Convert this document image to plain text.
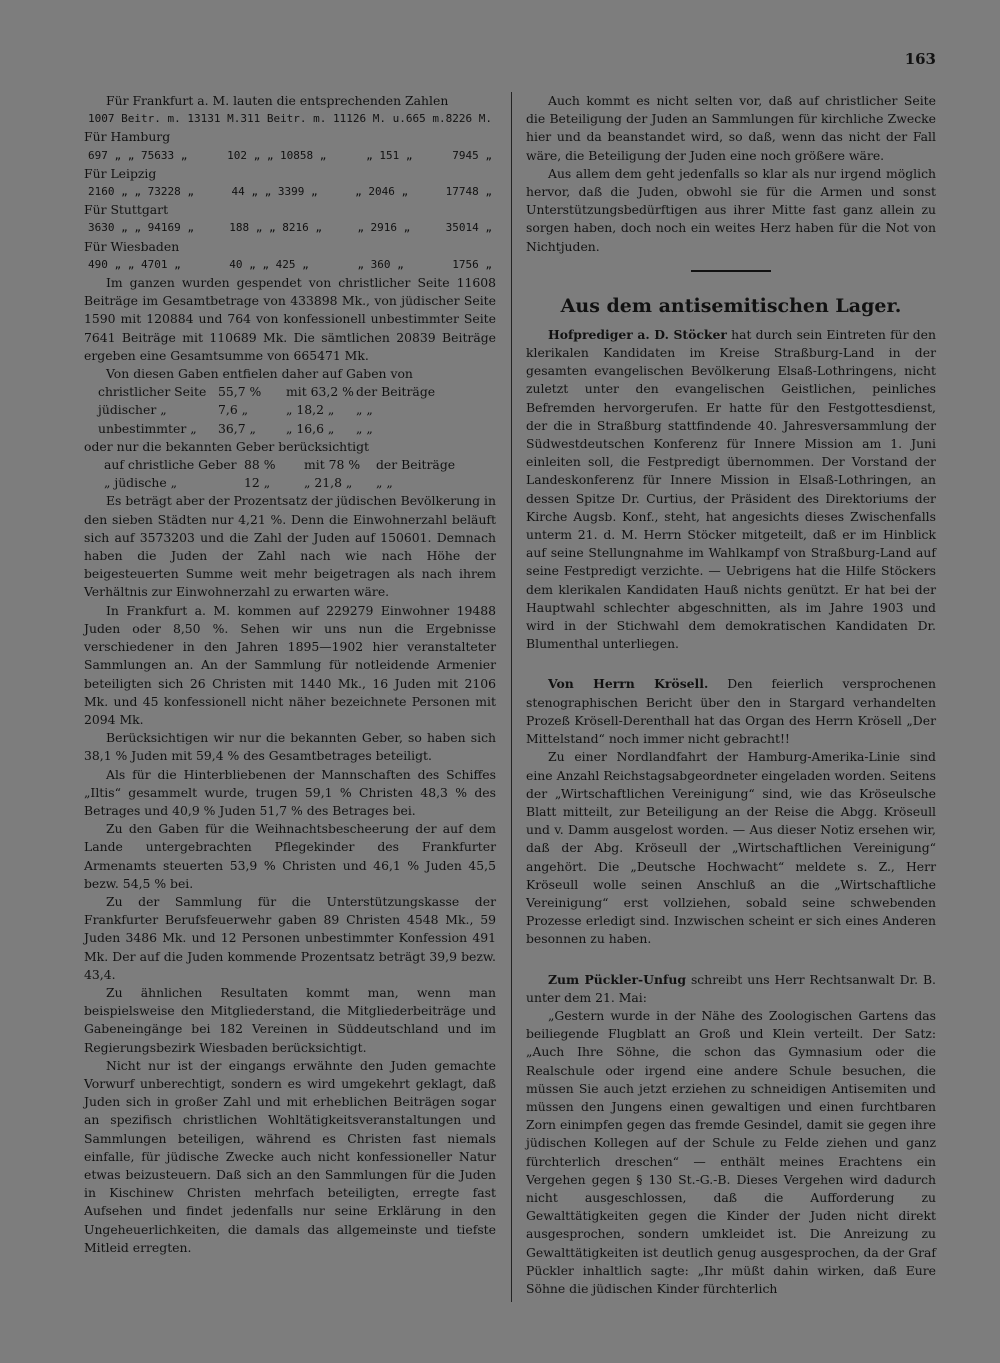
163

Für Frankfurt a. M. lauten die entsprechenden Zahlen

1007 Beitr. m. 13131 M. 311 Beitr. m. 11126 M. u. 665 m. 8226 M.
Für Hamburg
697 „ „ 75633 „	102 „ „ 10858 „	„ 151 „	7945 „
Für Leipzig
2160 „ „ 73228 „	44 „ „ 3399 „	„ 2046 „	17748 „
Für Stuttgart
3630 „ „ 94169 „	188 „ „ 8216 „	„ 2916 „	35014 „
Für Wiesbaden
490 „ „ 4701 „	40 „ „ 425 „	„ 360 „	1756 „

Im ganzen wurden gespendet von christlicher Seite 11608 Beiträge im Gesamtbetrage von 433898 Mk., von jüdischer Seite 1590 mit 120884 und 764 von konfessionell unbestimmter Seite 7641 Beiträge mit 110689 Mk. Die sämtlichen 20839 Beiträge ergeben eine Gesamtsumme von 665471 Mk.

Von diesen Gaben entfielen daher auf Gaben von

christlicher Seite 55,7 %	mit 63,2 % der Beiträge
jüdischer „	7,6 „	„ 18,2 „	„ „
unbestimmter „	36,7 „	„ 16,6 „	„ „

oder nur die bekannten Geber berücksichtigt

auf christliche Geber 88 %	mit 78 %	der Beiträge
„ jüdische „	12 „	„ 21,8 „	„ „

Es beträgt aber der Prozentsatz der jüdischen Bevölkerung in den sieben Städten nur 4,21 %. Denn die Einwohnerzahl beläuft sich auf 3573203 und die Zahl der Juden auf 150601. Demnach haben die Juden der Zahl nach wie nach Höhe der beigesteuerten Summe weit mehr beigetragen als nach ihrem Verhältnis zur Einwohnerzahl zu erwarten wäre.

In Frankfurt a. M. kommen auf 229279 Einwohner 19488 Juden oder 8,50 %. Sehen wir uns nun die Ergebnisse verschiedener in den Jahren 1895—1902 hier veranstalteter Sammlungen an. An der Sammlung für notleidende Armenier beteiligten sich 26 Christen mit 1440 Mk., 16 Juden mit 2106 Mk. und 45 konfessionell nicht näher bezeichnete Personen mit 2094 Mk.

Berücksichtigen wir nur die bekannten Geber, so haben sich 38,1 % Juden mit 59,4 % des Gesamtbetrages beteiligt.

Als für die Hinterbliebenen der Mannschaften des Schiffes „Iltis“ gesammelt wurde, trugen 59,1 % Christen 48,3 % des Betrages und 40,9 % Juden 51,7 % des Betrages bei.

Zu den Gaben für die Weihnachtsbescheerung der auf dem Lande untergebrachten Pflegekinder des Frankfurter Armenamts steuerten 53,9 % Christen und 46,1 % Juden 45,5 bezw. 54,5 % bei.

Zu der Sammlung für die Unterstützungskasse der Frankfurter Berufsfeuerwehr gaben 89 Christen 4548 Mk., 59 Juden 3486 Mk. und 12 Personen unbestimmter Konfession 491 Mk. Der auf die Juden kommende Prozentsatz beträgt 39,9 bezw. 43,4.

Zu ähnlichen Resultaten kommt man, wenn man beispielsweise den Mitgliederstand, die Mitgliederbeiträge und Gabeneingänge bei 182 Vereinen in Süddeutschland und im Regierungsbezirk Wiesbaden berücksichtigt.

Nicht nur ist der eingangs erwähnte den Juden gemachte Vorwurf unberechtigt, sondern es wird umgekehrt geklagt, daß Juden sich in großer Zahl und mit erheblichen Beiträgen sogar an spezifisch christlichen Wohltätigkeitsveranstaltungen und Sammlungen beteiligen, während es Christen fast niemals einfalle, für jüdische Zwecke auch nicht konfessioneller Natur etwas beizusteuern. Daß sich an den Sammlungen für die Juden in Kischinew Christen mehrfach beteiligten, erregte fast Aufsehen und findet jedenfalls nur seine Erklärung in den Ungeheuerlichkeiten, die damals das allgemeinste und tiefste Mitleid erregten.

Auch kommt es nicht selten vor, daß auf christlicher Seite die Beteiligung der Juden an Sammlungen für kirchliche Zwecke hier und da beanstandet wird, so daß, wenn das nicht der Fall wäre, die Beteiligung der Juden eine noch größere wäre.

Aus allem dem geht jedenfalls so klar als nur irgend möglich hervor, daß die Juden, obwohl sie für die Armen und sonst Unterstützungsbedürftigen aus ihrer Mitte fast ganz allein zu sorgen haben, doch noch ein weites Herz haben für die Not von Nichtjuden.

Aus dem antisemitischen Lager.

Hofprediger a. D. Stöcker hat durch sein Eintreten für den klerikalen Kandidaten im Kreise Straßburg-Land in der gesamten evangelischen Bevölkerung Elsaß-Lothringens, nicht zuletzt unter den evangelischen Geistlichen, peinliches Befremden hervorgerufen. Er hatte für den Festgottesdienst, der die in Straßburg stattfindende 40. Jahresversammlung der Südwestdeutschen Konferenz für Innere Mission am 1. Juni einleiten soll, die Festpredigt übernommen. Der Vorstand der Landeskonferenz für Innere Mission in Elsaß-Lothringen, an dessen Spitze Dr. Curtius, der Präsident des Direktoriums der Kirche Augsb. Konf., steht, hat angesichts dieses Zwischenfalls unterm 21. d. M. Herrn Stöcker mitgeteilt, daß er im Hinblick auf seine Stellungnahme im Wahlkampf von Straßburg-Land auf seine Festpredigt verzichte. — Uebrigens hat die Hilfe Stöckers dem klerikalen Kandidaten Hauß nichts genützt. Er hat bei der Hauptwahl schlechter abgeschnitten, als im Jahre 1903 und wird in der Stichwahl dem demokratischen Kandidaten Dr. Blumenthal unterliegen.

Von Herrn Krösell. Den feierlich versprochenen stenographischen Bericht über den in Stargard verhandelten Prozeß Krösell-Derenthall hat das Organ des Herrn Krösell „Der Mittelstand“ noch immer nicht gebracht!!

Zu einer Nordlandfahrt der Hamburg-Amerika-Linie sind eine Anzahl Reichstagsabgeordneter eingeladen worden. Seitens der „Wirtschaftlichen Vereinigung“ sind, wie das Kröseulsche Blatt mitteilt, zur Beteiligung an der Reise die Abgg. Kröseull und v. Damm ausgelost worden. — Aus dieser Notiz ersehen wir, daß der Abg. Kröseull der „Wirtschaftlichen Vereinigung“ angehört. Die „Deutsche Hochwacht“ meldete s. Z., Herr Kröseull wolle seinen Anschluß an die „Wirtschaftliche Vereinigung“ erst vollziehen, sobald seine schwebenden Prozesse erledigt sind. Inzwischen scheint er sich eines Anderen besonnen zu haben.

Zum Pückler-Unfug schreibt uns Herr Rechtsanwalt Dr. B. unter dem 21. Mai:

„Gestern wurde in der Nähe des Zoologischen Gartens das beiliegende Flugblatt an Groß und Klein verteilt. Der Satz: „Auch Ihre Söhne, die schon das Gymnasium oder die Realschule oder irgend eine andere Schule besuchen, die müssen Sie auch jetzt erziehen zu schneidigen Antisemiten und müssen den Jungens einen gewaltigen und einen furchtbaren Zorn einimpfen gegen das fremde Gesindel, damit sie gegen ihre jüdischen Kollegen auf der Schule zu Felde ziehen und ganz fürchterlich dreschen“ — enthält meines Erachtens ein Vergehen gegen § 130 St.-G.-B. Dieses Vergehen wird dadurch nicht ausgeschlossen, daß die Aufforderung zu Gewalttätigkeiten gegen die Kinder der Juden nicht direkt ausgesprochen, sondern umkleidet ist. Die Anreizung zu Gewalttätigkeiten ist deutlich genug ausgesprochen, da der Graf Pückler inhaltlich sagte: „Ihr müßt dahin wirken, daß Eure Söhne die jüdischen Kinder fürchterlich
